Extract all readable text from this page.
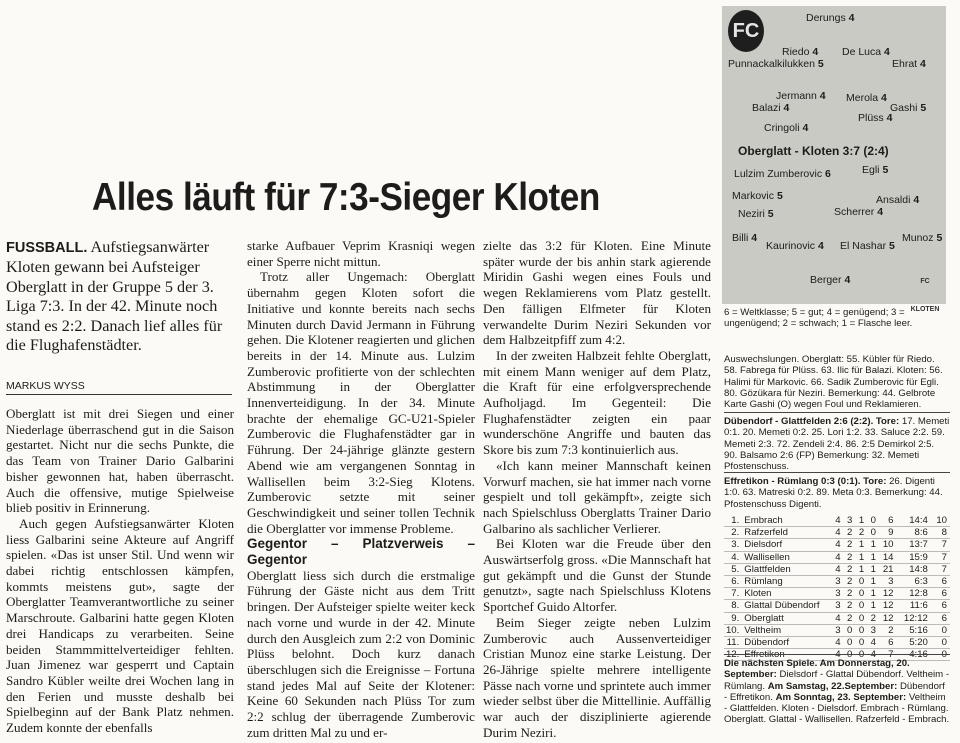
Alles läuft für 7:3-Sieger Kloten
FUSSBALL. Aufstiegsanwärter Kloten gewann bei Aufsteiger Oberglatt in der Gruppe 5 der 3. Liga 7:3. In der 42. Minute noch stand es 2:2. Danach lief alles für die Flughafenstädter.
MARKUS WYSS

Oberglatt ist mit drei Siegen und einer Niederlage überraschend gut in die Saison gestartet. Nicht nur die sechs Punkte, die das Team von Trainer Dario Galbarini bisher gewonnen hat, haben überrascht. Auch die offensive, mutige Spielweise blieb positiv in Erinnerung.

Auch gegen Aufstiegsanwärter Kloten liess Galbarini seine Akteure auf Angriff spielen. «Das ist unser Stil. Und wenn wir dabei richtig entschlossen kämpfen, kommts meistens gut», sagte der Oberglatter Teamverantwortliche zu seiner Marschroute. Galbarini hatte gegen Kloten drei Handicaps zu verarbeiten. Seine beiden Stammmittelverteidiger fehlten. Juan Jimenez war gesperrt und Captain Sandro Kübler weilte drei Wochen lang in den Ferien und musste deshalb bei Spielbeginn auf der Bank Platz nehmen. Zudem konnte der ebenfalls

starke Aufbauer Veprim Krasniqi wegen einer Sperre nicht mittun.

Trotz aller Ungemach: Oberglatt übernahm gegen Kloten sofort die Initiative und konnte bereits nach sechs Minuten durch David Jermann in Führung gehen. Die Klotener reagierten und glichen bereits in der 14. Minute aus. Lulzim Zumberovic profitierte von der schlechten Abstimmung in der Oberglatter Innenverteidigung. In der 34. Minute brachte der ehemalige GC-U21-Spieler Zumberovic die Flughafenstädter gar in Führung. Der 24-jährige glänzte gestern Abend wie am vergangenen Sonntag in Wallisellen beim 3:2-Sieg Klotens. Zumberovic setzte mit seiner Geschwindigkeit und seiner tollen Technik die Oberglatter vor immense Probleme.

Gegentor – Platzverweis – Gegentor

Oberglatt liess sich durch die erstmalige Führung der Gäste nicht aus dem Tritt bringen. Der Aufsteiger spielte weiter keck nach vorne und wurde in der 42. Minute durch den Ausgleich zum 2:2 von Dominic Plüss belohnt. Doch kurz danach überschlugen sich die Ereignisse – Fortuna stand jedes Mal auf Seite der Klotener: Keine 60 Sekunden nach Plüss Tor zum 2:2 schlug der überragende Zumberovic zum dritten Mal zu und er-

zielte das 3:2 für Kloten. Eine Minute später wurde der bis anhin stark agierende Miridin Gashi wegen eines Fouls und wegen Reklamierens vom Platz gestellt. Den fälligen Elfmeter für Kloten verwandelte Durim Neziri Sekunden vor dem Halbzeitpfiff zum 4:2.

In der zweiten Halbzeit fehlte Oberglatt, mit einem Mann weniger auf dem Platz, die Kraft für eine erfolgversprechende Aufholjagd. Im Gegenteil: Die Flughafenstädter zeigten ein paar wunderschöne Angriffe und bauten das Skore bis zum 7:3 kontinuierlich aus.

«Ich kann meiner Mannschaft keinen Vorwurf machen, sie hat immer nach vorne gespielt und toll gekämpft», zeigte sich nach Spielschluss Oberglatts Trainer Dario Galbarino als sachlicher Verlierer.

Bei Kloten war die Freude über den Auswärtserfolg gross. «Die Mannschaft hat gut gekämpft und die Gunst der Stunde genutzt», sagte nach Spielschluss Klotens Sportchef Guido Altorfer.

Beim Sieger zeigte neben Lulzim Zumberovic auch Aussenverteidiger Cristian Munoz eine starke Leistung. Der 26-Jährige spielte mehrere intelligente Pässe nach vorne und sprintete auch immer wieder selbst über die Mittellinie. Auffällig war auch der disziplinierte agierende Durim Neziri.

FC
Derungs 4
Riedo 4 De Luca 4
Punnackalkilukken 5	Ehrat 4
Jermann 4 Merola 4
Balazi 4	Gashi 5
Plüss 4
Cringoli 4
Oberglatt - Kloten 3:7 (2:4)
Lulzim Zumberovic 6	Egli 5
Markovic 5	Ansaldi 4
Neziri 5	Scherrer 4
Billi 4	Munoz 5
Kaurinovic 4 El Nashar 5
Berger 4	FC KLOTEN
6 = Weltklasse; 5 = gut; 4 = genügend; 3 = ungenügend; 2 = schwach; 1 = Flasche leer.
Auswechslungen. Oberglatt: 55. Kübler für Riedo. 58. Fabrega für Plüss. 63. Ilic für Balazi. Kloten: 56. Halimi für Markovic. 66. Sadik Zumberovic für Egli. 80. Gözükara für Neziri. Bemerkung: 44. Gelbrote Karte Gashi (O) wegen Foul und Reklamieren.
Dübendorf - Glattfelden 2:6 (2:2). Tore: 17. Memeti 0:1. 20. Memeti 0:2. 25. Lori 1:2. 33. Saluce 2:2. 59. Memeti 2:3. 72. Zendeli 2:4. 86. 2:5 Demirkol 2:5. 90. Balsamo 2:6 (FP) Bemerkung: 32. Memeti Pfostenschuss.
Effretikon - Rümlang 0:3 (0:1). Tore: 26. Digenti 1:0. 63. Matreski 0:2. 89. Meta 0:3. Bemerkung: 44. Pfostenschuss Digenti.
1.	Embrach	4	3	1	0	6	14:4	10
2.	Rafzerfeld	4	2	2	0	9	8:6	8
3.	Dielsdorf	4	2	1	1	10	13:7	7
4.	Wallisellen	4	2	1	1	14	15:9	7
5.	Glattfelden	4	2	1	1	21	14:8	7
6.	Rümlang	3	2	0	1	3	6:3	6
7.	Kloten	3	2	0	1	12	12:8	6
8.	Glattal Dübendorf	3	2	0	1	12	11:6	6
9.	Oberglatt	4	2	0	2	12	12:12	6
10.	Veltheim	3	0	0	3	2	5:16	0
11.	Dübendorf	4	0	0	4	6	5:20	0
12.	Effretikon	4	0	0	4	7	4:16	0
Die nächsten Spiele. Am Donnerstag, 20. September: Dielsdorf - Glattal Dübendorf. Veltheim - Rümlang. Am Samstag, 22.September: Dübendorf - Effretikon. Am Sonntag, 23. September: Veltheim - Glattfelden. Kloten - Dielsdorf. Embrach - Rümlang. Oberglatt. Glattal - Wallisellen. Rafzerfeld - Embrach.
